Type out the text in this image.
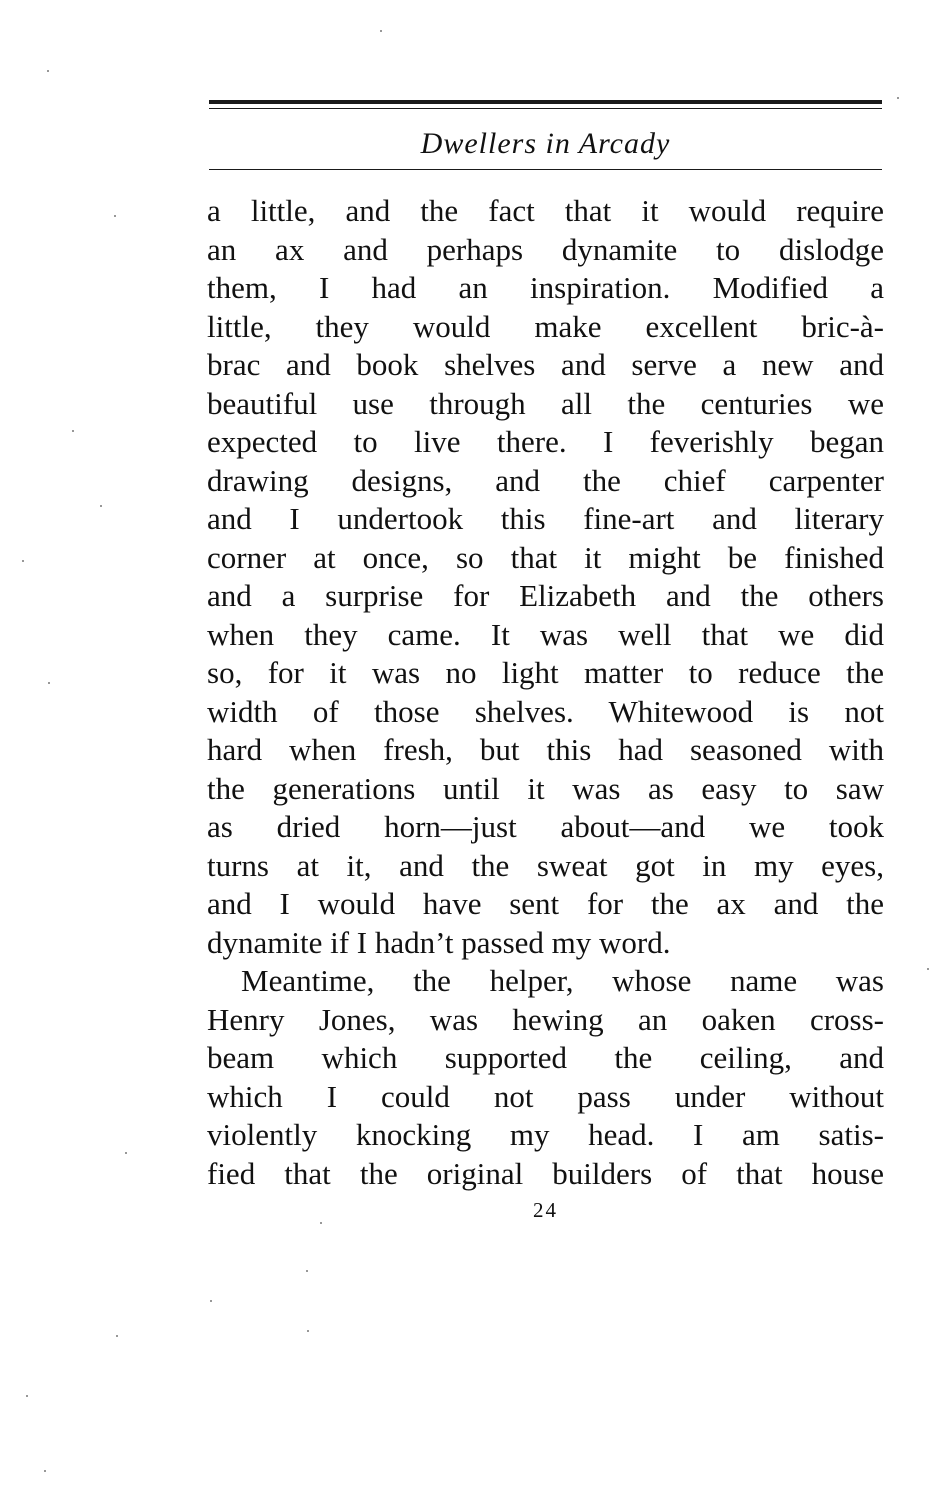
Dwellers in Arcady
a little, and the fact that it would require
an ax and perhaps dynamite to dislodge
them, I had an inspiration. Modified a
little, they would make excellent bric-à-
brac and book shelves and serve a new and
beautiful use through all the centuries we
expected to live there. I feverishly began
drawing designs, and the chief carpenter
and I undertook this fine-art and literary
corner at once, so that it might be finished
and a surprise for Elizabeth and the others
when they came. It was well that we did
so, for it was no light matter to reduce the
width of those shelves. Whitewood is not
hard when fresh, but this had seasoned with
the generations until it was as easy to saw
as dried horn—just about—and we took
turns at it, and the sweat got in my eyes,
and I would have sent for the ax and the
dynamite if I hadn’t passed my word.
Meantime, the helper, whose name was
Henry Jones, was hewing an oaken cross-
beam which supported the ceiling, and
which I could not pass under without
violently knocking my head. I am satis-
fied that the original builders of that house
24
